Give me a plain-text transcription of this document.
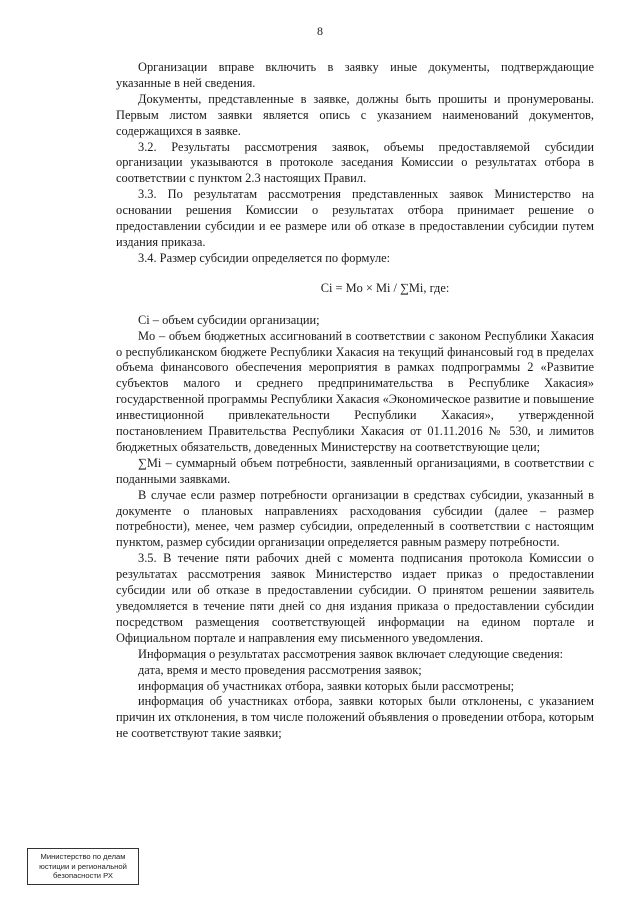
8

Организации вправе включить в заявку иные документы, подтверждающие указанные в ней сведения.

Документы, представленные в заявке, должны быть прошиты и пронумерованы. Первым листом заявки является опись с указанием наименований документов, содержащихся в заявке.

3.2. Результаты рассмотрения заявок, объемы предоставляемой субсидии организации указываются в протоколе заседания Комиссии о результатах отбора в соответствии с пунктом 2.3 настоящих Правил.

3.3. По результатам рассмотрения представленных заявок Министерство на основании решения Комиссии о результатах отбора принимает решение о предоставлении субсидии и ее размере или об отказе в предоставлении субсидии путем издания приказа.

3.4. Размер субсидии определяется по формуле:

Ci = Mo × Mi / ∑Mi, где:

Ci – объем субсидии организации;

Mo – объем бюджетных ассигнований в соответствии с законом Республики Хакасия о республиканском бюджете Республики Хакасия на текущий финансовый год в пределах объема финансового обеспечения мероприятия в рамках подпрограммы 2 «Развитие субъектов малого и среднего предпринимательства в Республике Хакасия» государственной программы Республики Хакасия «Экономическое развитие и повышение инвестиционной привлекательности Республики Хакасия», утвержденной постановлением Правительства Республики Хакасия от 01.11.2016 № 530, и лимитов бюджетных обязательств, доведенных Министерству на соответствующие цели;

∑Mi – суммарный объем потребности, заявленный организациями, в соответствии с поданными заявками.

В случае если размер потребности организации в средствах субсидии, указанный в документе о плановых направлениях расходования субсидии (далее – размер потребности), менее, чем размер субсидии, определенный в соответствии с настоящим пунктом, размер субсидии организации определяется равным размеру потребности.

3.5. В течение пяти рабочих дней с момента подписания протокола Комиссии о результатах рассмотрения заявок Министерство издает приказ о предоставлении субсидии или об отказе в предоставлении субсидии. О принятом решении заявитель уведомляется в течение пяти дней со дня издания приказа о предоставлении субсидии посредством размещения соответствующей информации на едином портале и Официальном портале и направления ему письменного уведомления.

Информация о результатах рассмотрения заявок включает следующие сведения:

дата, время и место проведения рассмотрения заявок;

информация об участниках отбора, заявки которых были рассмотрены;

информация об участниках отбора, заявки которых были отклонены, с указанием причин их отклонения, в том числе положений объявления о проведении отбора, которым не соответствуют такие заявки;

Министерство по делам
юстиции и региональной
безопасности РХ
